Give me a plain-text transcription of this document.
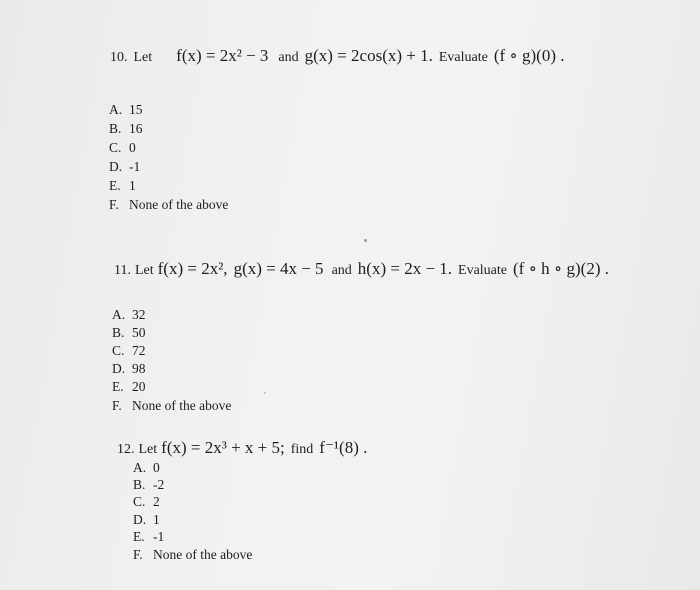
10. Let f(x) = 2x² − 3 and g(x) = 2cos(x) + 1. Evaluate (f ∘ g)(0) .
A. 15
B. 16
C. 0
D. -1
E. 1
F. None of the above
11. Let f(x) = 2x², g(x) = 4x − 5 and h(x) = 2x − 1. Evaluate (f ∘ h ∘ g)(2) .
A. 32
B. 50
C. 72
D. 98
E. 20
F. None of the above
12. Let f(x) = 2x³ + x + 5; find f⁻¹(8) .
A. 0
B. -2
C. 2
D. 1
E. -1
F. None of the above
